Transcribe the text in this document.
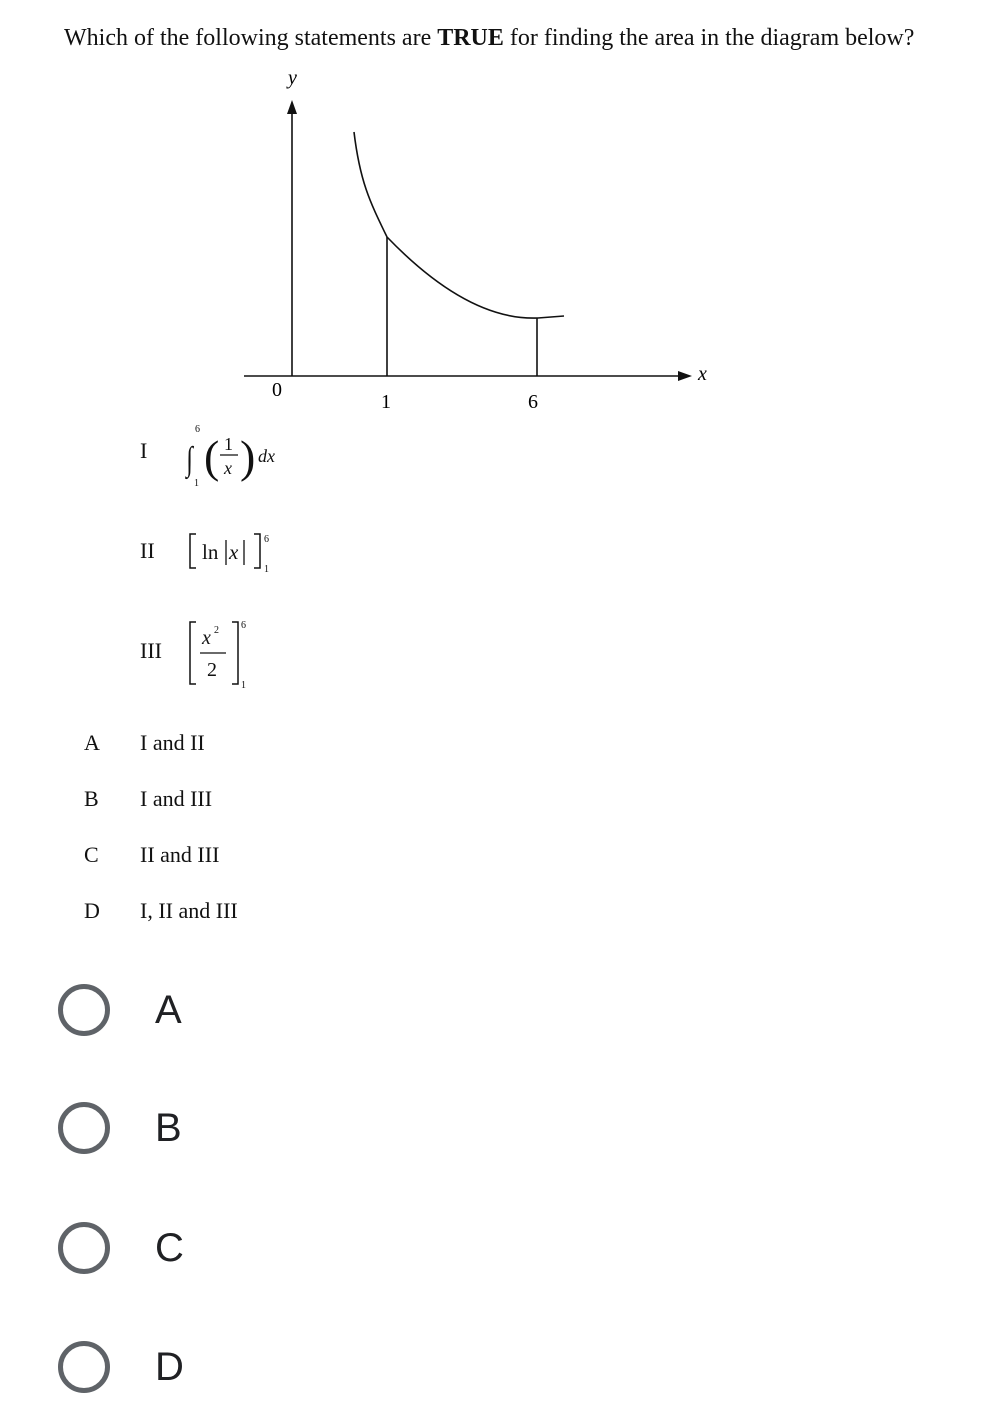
Which of the following statements are TRUE for finding the area in the diagram below?
y
x
0
1	6
I ∫
6
1
( 1
x ) dx
II ln x
6
1
III x 2
2
6
1
A I and II
B I and III
C II and III
D I, II and III
A
B
C
D
